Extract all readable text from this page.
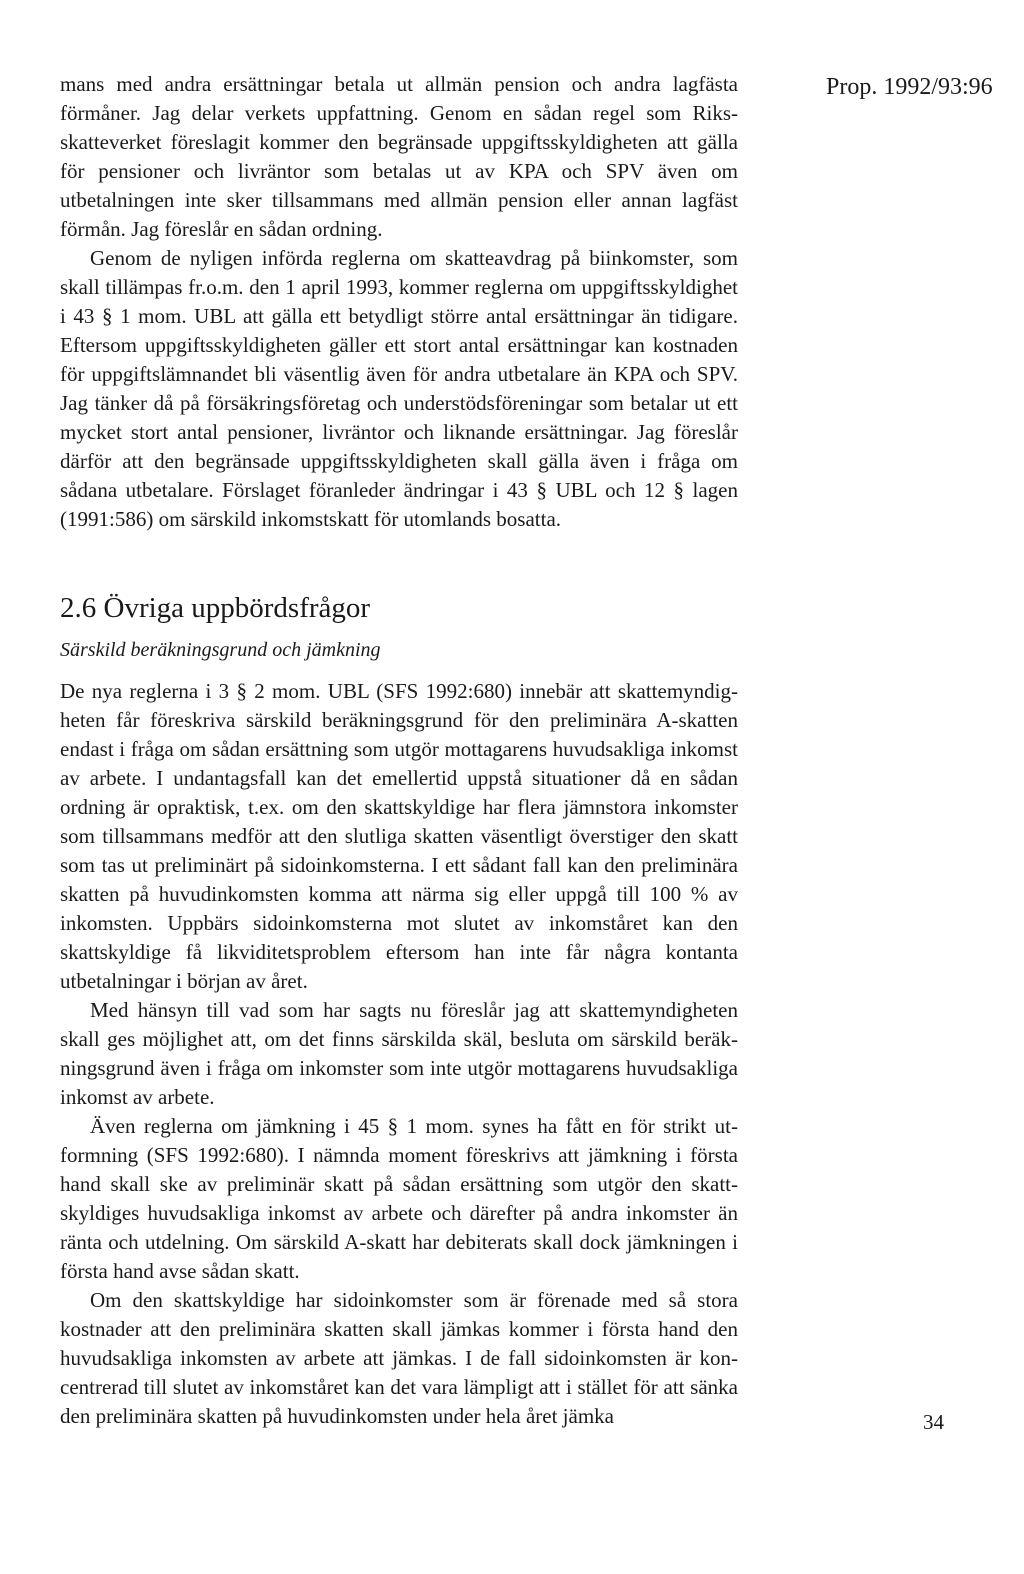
Prop. 1992/93:96

mans med andra ersättningar betala ut allmän pension och andra lagfästa förmåner. Jag delar verkets uppfattning. Genom en sådan regel som Riksskatteverket föreslagit kommer den begränsade uppgiftsskyldigheten att gälla för pensioner och livräntor som betalas ut av KPA och SPV även om utbetalningen inte sker tillsammans med allmän pension eller annan lagfäst förmån. Jag föreslår en sådan ordning.

Genom de nyligen införda reglerna om skatteavdrag på biinkomster, som skall tillämpas fr.o.m. den 1 april 1993, kommer reglerna om uppgiftsskyldighet i 43 § 1 mom. UBL att gälla ett betydligt större antal ersättningar än tidigare. Eftersom uppgiftsskyldigheten gäller ett stort antal ersättningar kan kostnaden för uppgiftslämnandet bli väsentlig även för andra utbetalare än KPA och SPV. Jag tänker då på försäkringsföretag och understödsföreningar som betalar ut ett mycket stort antal pensioner, livräntor och liknande ersättningar. Jag föreslår därför att den begränsade uppgiftsskyldigheten skall gälla även i fråga om sådana utbetalare. Förslaget föranleder ändringar i 43 § UBL och 12 § lagen (1991:586) om särskild inkomstskatt för utomlands bosatta.

2.6 Övriga uppbördsfrågor
Särskild beräkningsgrund och jämkning

De nya reglerna i 3 § 2 mom. UBL (SFS 1992:680) innebär att skattemyndigheten får föreskriva särskild beräkningsgrund för den preliminära A-skatten endast i fråga om sådan ersättning som utgör mottagarens huvudsakliga inkomst av arbete. I undantagsfall kan det emellertid uppstå situationer då en sådan ordning är opraktisk, t.ex. om den skattskyldige har flera jämnstora inkomster som tillsammans medför att den slutliga skatten väsentligt överstiger den skatt som tas ut preliminärt på sidoinkomsterna. I ett sådant fall kan den preliminära skatten på huvudinkomsten komma att närma sig eller uppgå till 100 % av inkomsten. Uppbärs sidoinkomsterna mot slutet av inkomståret kan den skattskyldige få likviditetsproblem eftersom han inte får några kontanta utbetalningar i början av året.

Med hänsyn till vad som har sagts nu föreslår jag att skattemyndigheten skall ges möjlighet att, om det finns särskilda skäl, besluta om särskild beräkningsgrund även i fråga om inkomster som inte utgör mottagarens huvudsakliga inkomst av arbete.

Även reglerna om jämkning i 45 § 1 mom. synes ha fått en för strikt utformning (SFS 1992:680). I nämnda moment föreskrivs att jämkning i första hand skall ske av preliminär skatt på sådan ersättning som utgör den skattskyldiges huvudsakliga inkomst av arbete och därefter på andra inkomster än ränta och utdelning. Om särskild A-skatt har debiterats skall dock jämkningen i första hand avse sådan skatt.

Om den skattskyldige har sidoinkomster som är förenade med så stora kostnader att den preliminära skatten skall jämkas kommer i första hand den huvudsakliga inkomsten av arbete att jämkas. I de fall sidoinkomsten är koncentrerad till slutet av inkomståret kan det vara lämpligt att i stället för att sänka den preliminära skatten på huvudinkomsten under hela året jämka	34
